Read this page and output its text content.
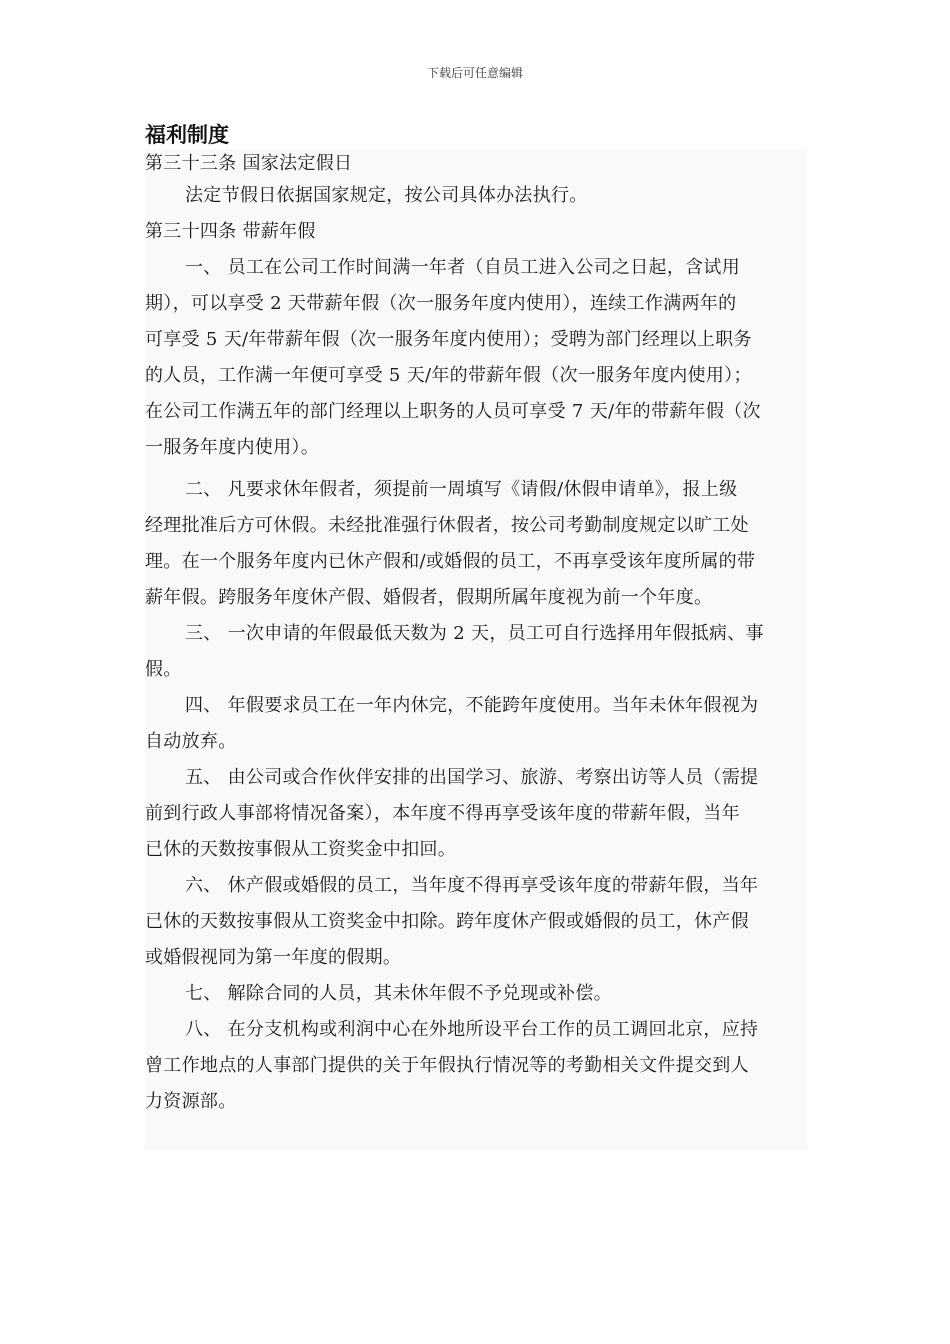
下载后可任意编辑
福利制度
第三十三条 国家法定假日
法定节假日依据国家规定，按公司具体办法执行。
第三十四条 带薪年假
一、 员工在公司工作时间满一年者（自员工进入公司之日起，含试用
期），可以享受 2 天带薪年假（次一服务年度内使用），连续工作满两年的
可享受 5 天/年带薪年假（次一服务年度内使用）；受聘为部门经理以上职务
的人员，工作满一年便可享受 5 天/年的带薪年假（次一服务年度内使用）；
在公司工作满五年的部门经理以上职务的人员可享受 7 天/年的带薪年假（次
一服务年度内使用）。
二、 凡要求休年假者，须提前一周填写《请假/休假申请单》，报上级
经理批准后方可休假。未经批准强行休假者，按公司考勤制度规定以旷工处
理。在一个服务年度内已休产假和/或婚假的员工，不再享受该年度所属的带
薪年假。跨服务年度休产假、婚假者，假期所属年度视为前一个年度。
三、 一次申请的年假最低天数为 2 天，员工可自行选择用年假抵病、事
假。
四、 年假要求员工在一年内休完，不能跨年度使用。当年未休年假视为
自动放弃。
五、 由公司或合作伙伴安排的出国学习、旅游、考察出访等人员（需提
前到行政人事部将情况备案），本年度不得再享受该年度的带薪年假，当年
已休的天数按事假从工资奖金中扣回。
六、 休产假或婚假的员工，当年度不得再享受该年度的带薪年假，当年
已休的天数按事假从工资奖金中扣除。跨年度休产假或婚假的员工，休产假
或婚假视同为第一年度的假期。
七、 解除合同的人员，其未休年假不予兑现或补偿。
八、 在分支机构或利润中心在外地所设平台工作的员工调回北京，应持
曾工作地点的人事部门提供的关于年假执行情况等的考勤相关文件提交到人
力资源部。
